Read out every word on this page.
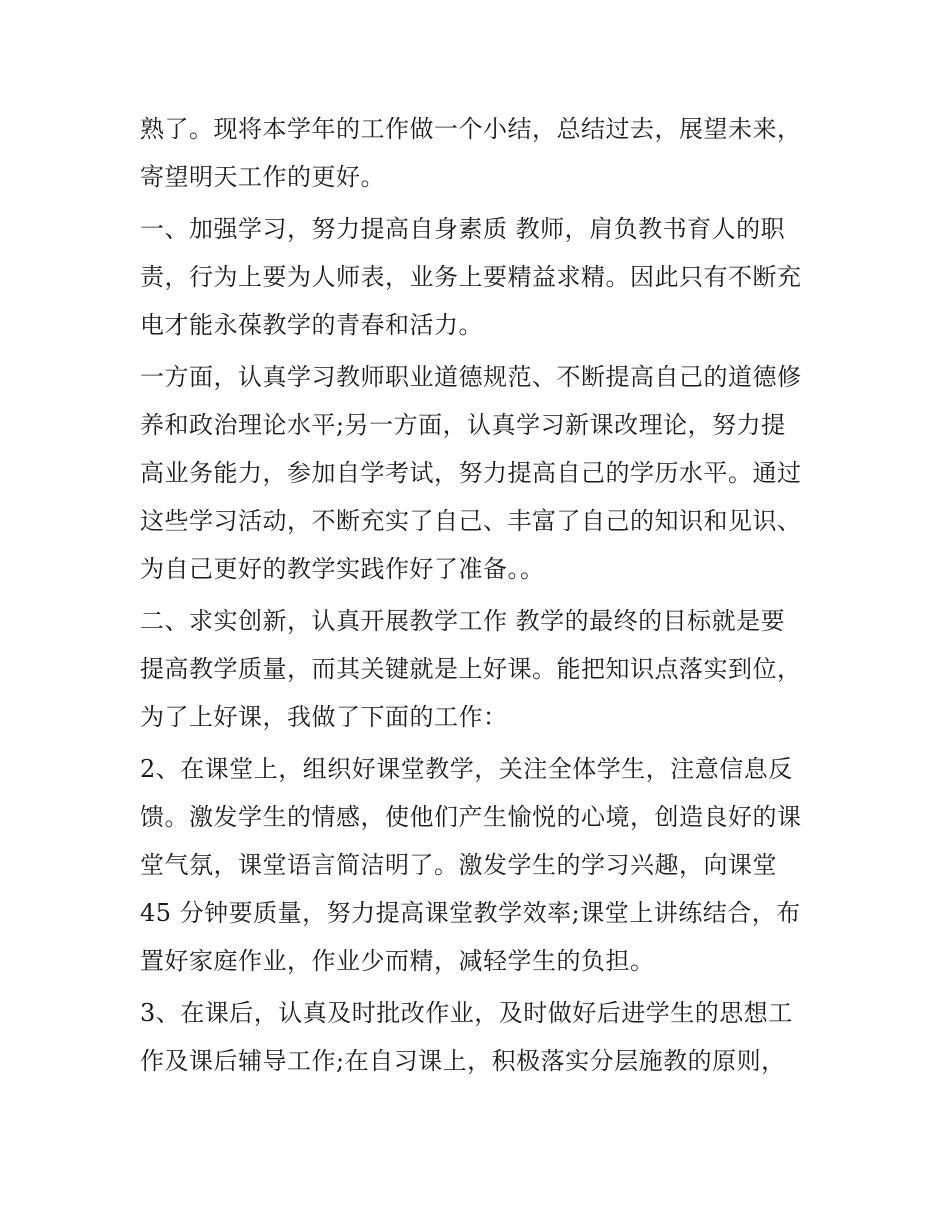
熟了。现将本学年的工作做一个小结，总结过去，展望未来，
寄望明天工作的更好。
一、加强学习，努力提高自身素质 教师，肩负教书育人的职
责，行为上要为人师表，业务上要精益求精。因此只有不断充
电才能永葆教学的青春和活力。
一方面，认真学习教师职业道德规范、不断提高自己的道德修
养和政治理论水平;另一方面，认真学习新课改理论，努力提
高业务能力，参加自学考试，努力提高自己的学历水平。通过
这些学习活动，不断充实了自己、丰富了自己的知识和见识、
为自己更好的教学实践作好了准备。。
二、求实创新，认真开展教学工作 教学的最终的目标就是要
提高教学质量，而其关键就是上好课。能把知识点落实到位，
为了上好课，我做了下面的工作：
2、在课堂上，组织好课堂教学，关注全体学生，注意信息反
馈。激发学生的情感，使他们产生愉悦的心境，创造良好的课
堂气氛，课堂语言简洁明了。激发学生的学习兴趣，向课堂
45 分钟要质量，努力提高课堂教学效率;课堂上讲练结合，布
置好家庭作业，作业少而精，减轻学生的负担。
3、在课后，认真及时批改作业，及时做好后进学生的思想工
作及课后辅导工作;在自习课上，积极落实分层施教的原则，
